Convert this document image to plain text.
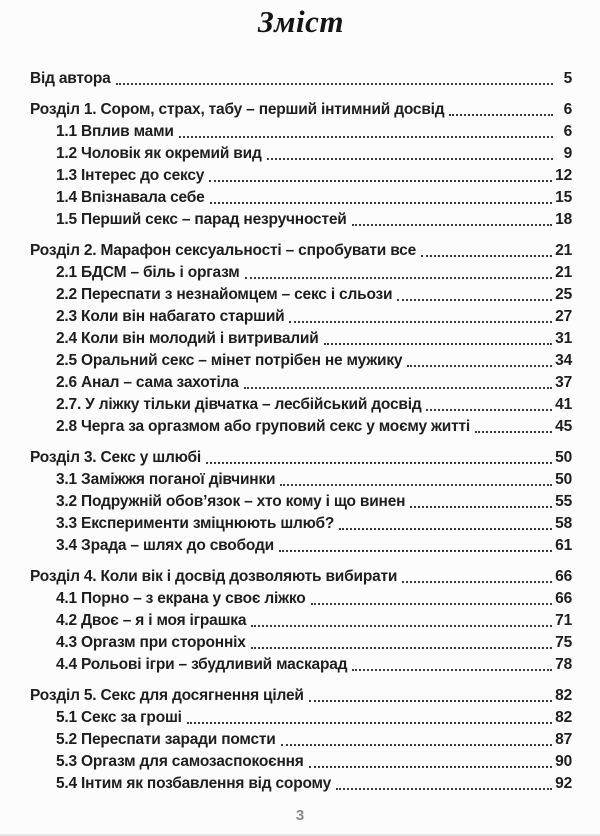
Зміст
Від автора	5
Розділ 1. Сором, страх, табу – перший інтимний досвід	6
1.1 Вплив мами	6
1.2 Чоловік як окремий вид	9
1.3 Інтерес до сексу	12
1.4 Впізнавала себе	15
1.5 Перший секс – парад незручностей	18
Розділ 2. Марафон сексуальності – спробувати все	21
2.1 БДСМ – біль і оргазм	21
2.2 Переспати з незнайомцем – секс і сльози	25
2.3 Коли він набагато старший	27
2.4 Коли він молодий і витривалий	31
2.5 Оральний секс – мінет потрібен не мужику	34
2.6 Анал – сама захотіла	37
2.7. У ліжку тільки дівчатка – лесбійський досвід	41
2.8 Черга за оргазмом або груповий секс у моєму житті	45
Розділ 3. Секс у шлюбі	50
3.1 Заміжжя поганої дівчинки	50
3.2 Подружній обов’язок – хто кому і що винен	55
3.3 Експерименти зміцнюють шлюб?	58
3.4 Зрада – шлях до свободи	61
Розділ 4. Коли вік і досвід дозволяють вибирати	66
4.1 Порно – з екрана у своє ліжко	66
4.2 Двоє – я і моя іграшка	71
4.3 Оргазм при сторонніх	75
4.4 Рольові ігри – збудливий маскарад	78
Розділ 5. Секс для досягнення цілей	82
5.1 Секс за гроші	82
5.2 Переспати заради помсти	87
5.3 Оргазм для самозаспокоєння	90
5.4 Інтим як позбавлення від сорому	92
3
